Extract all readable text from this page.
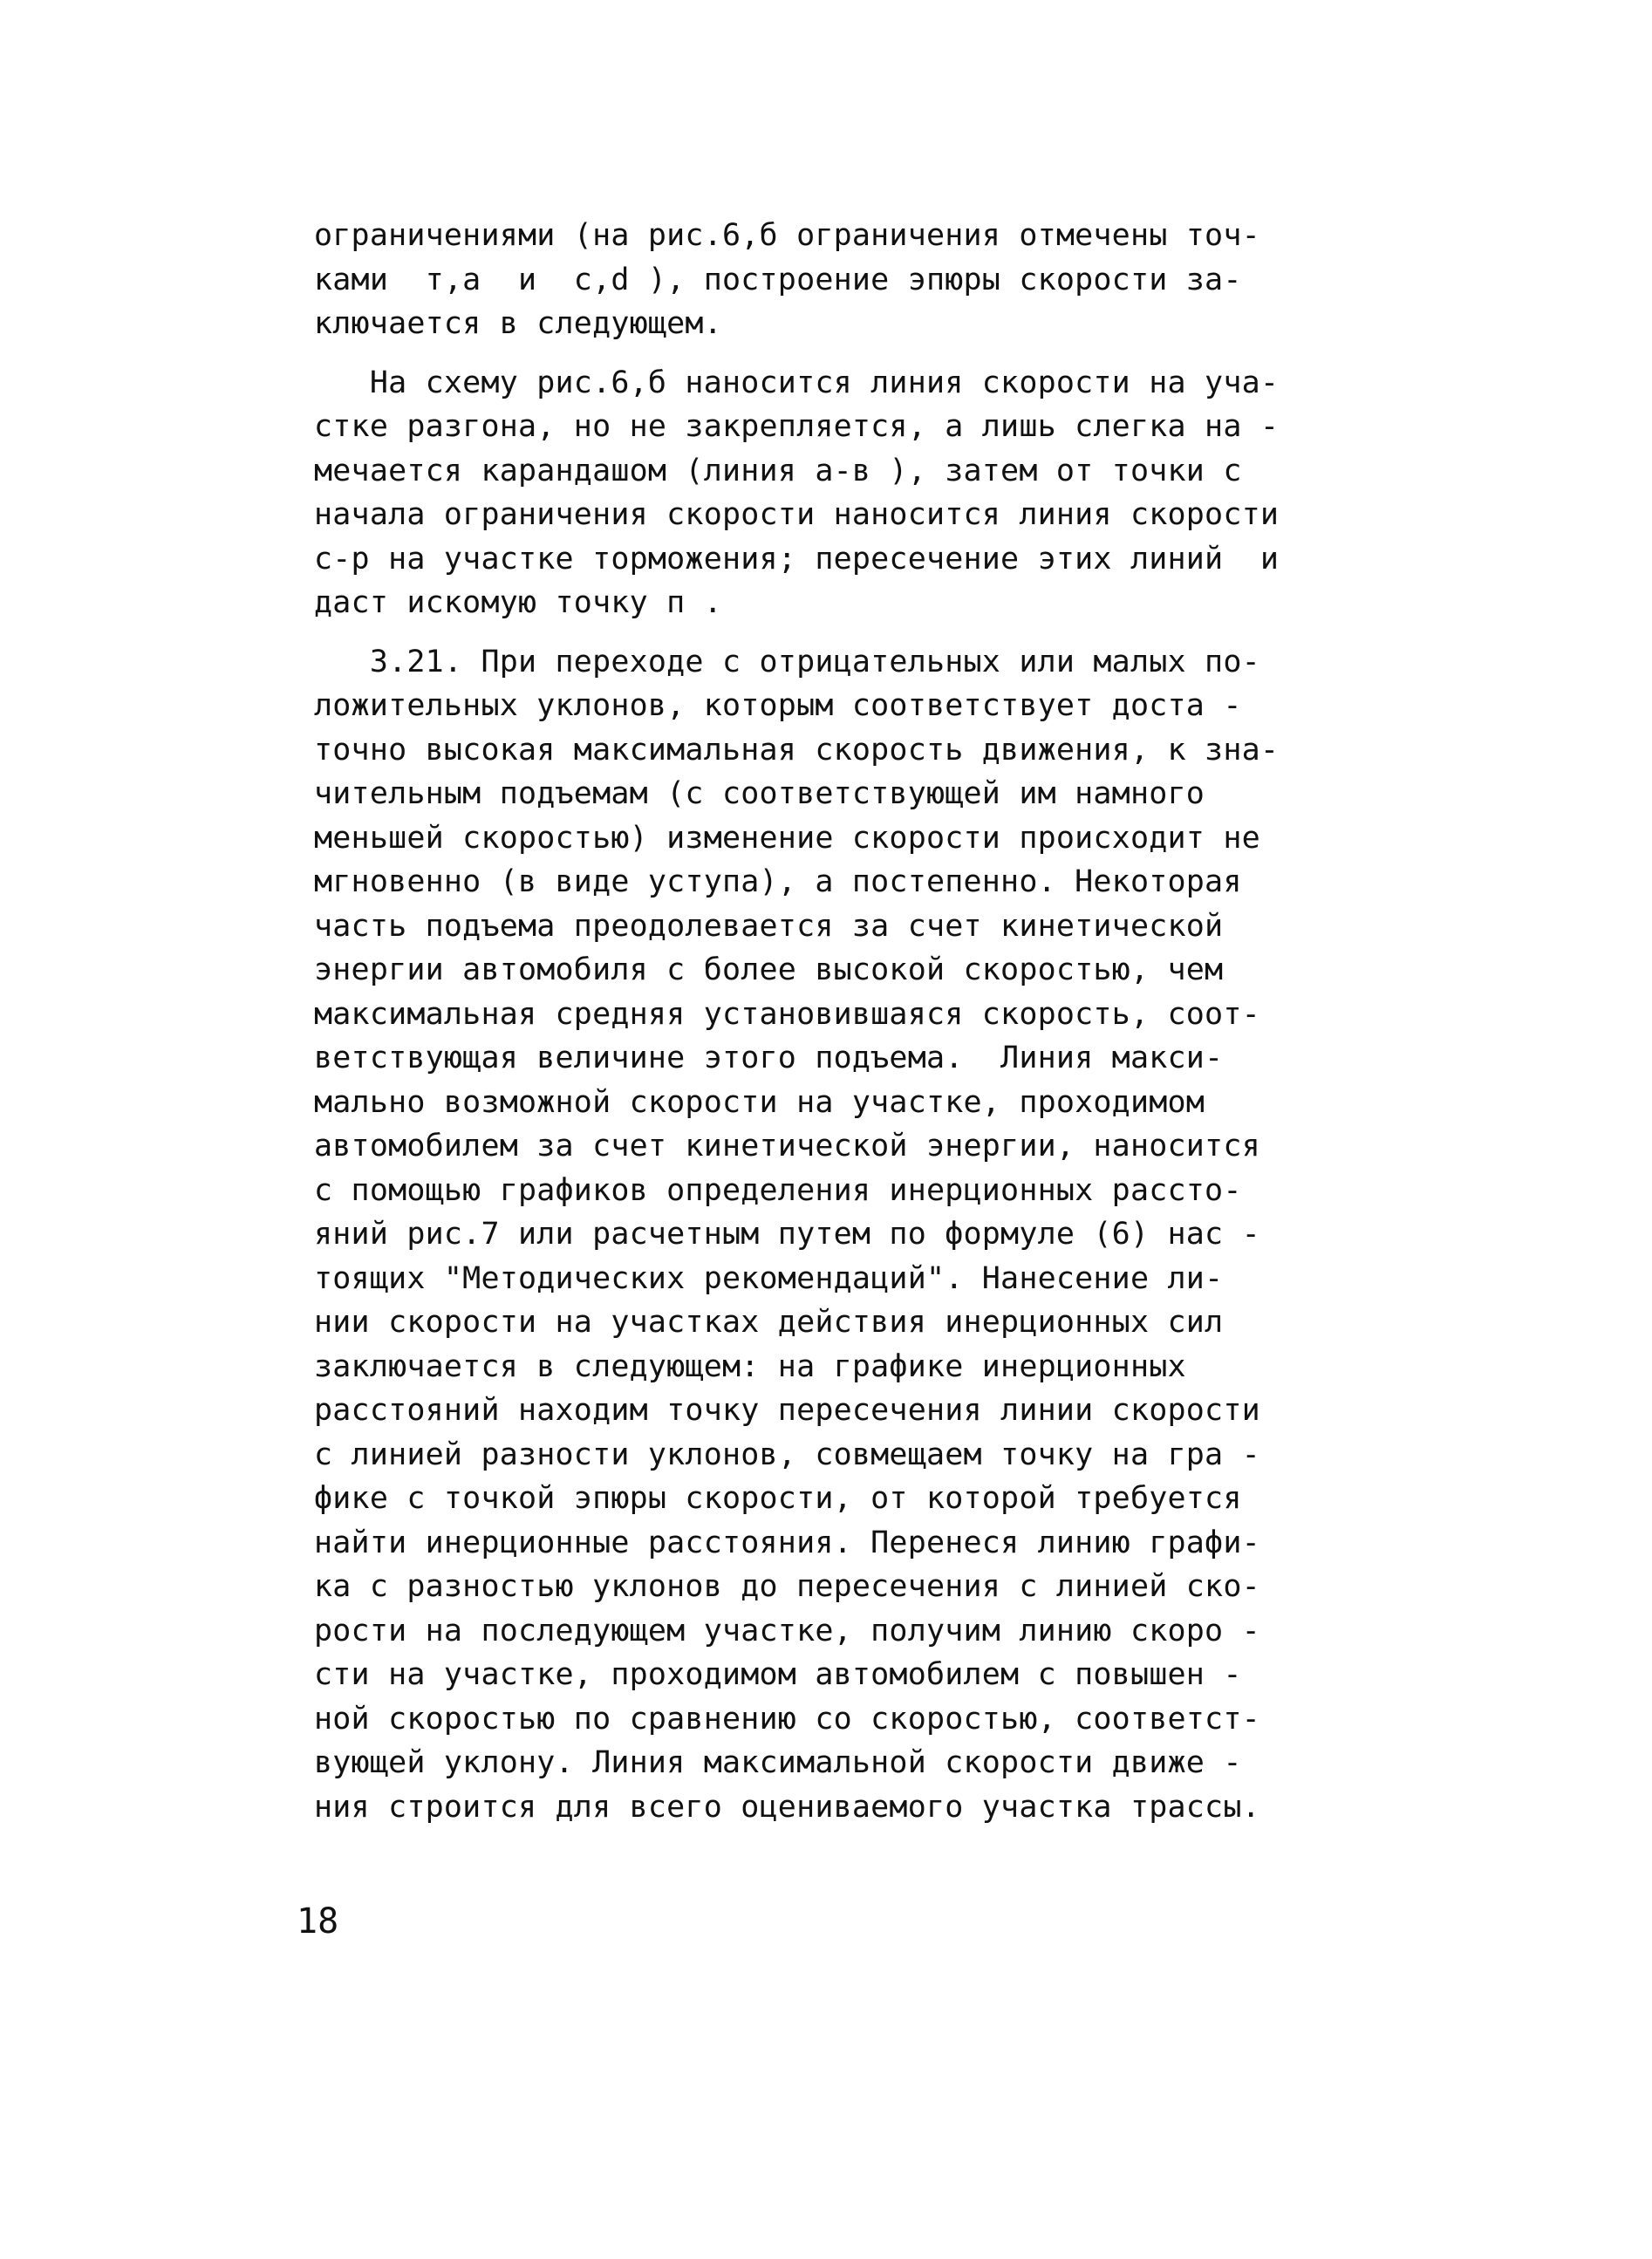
ограничениями (на рис.6,б ограничения отмечены точ-
ками  т,а  и  с,d ), построение эпюры скорости за-
ключается в следующем.
На схему рис.6,б наносится линия скорости на уча-
стке разгона, но не закрепляется, а лишь слегка на -
мечается карандашом (линия а-в ), затем от точки с
начала ограничения скорости наносится линия скорости
с-р на участке торможения; пересечение этих линий  и
даст искомую точку п .
3.21. При переходе с отрицательных или малых по-
ложительных уклонов, которым соответствует доста -
точно высокая максимальная скорость движения, к зна-
чительным подъемам (с соответствующей им намного
меньшей скоростью) изменение скорости происходит не
мгновенно (в виде уступа), а постепенно. Некоторая
часть подъема преодолевается за счет кинетической
энергии автомобиля с более высокой скоростью, чем
максимальная средняя установившаяся скорость, соот-
ветствующая величине этого подъема.  Линия макси-
мально возможной скорости на участке, проходимом
автомобилем за счет кинетической энергии, наносится
с помощью графиков определения инерционных рассто-
яний рис.7 или расчетным путем по формуле (6) нас -
тоящих "Методических рекомендаций". Нанесение ли-
нии скорости на участках действия инерционных сил
заключается в следующем: на графике инерционных
расстояний находим точку пересечения линии скорости
с линией разности уклонов, совмещаем точку на гра -
фике с точкой эпюры скорости, от которой требуется
найти инерционные расстояния. Перенеся линию графи-
ка с разностью уклонов до пересечения с линией ско-
рости на последующем участке, получим линию скоро -
сти на участке, проходимом автомобилем с повышен -
ной скоростью по сравнению со скоростью, соответст-
вующей уклону. Линия максимальной скорости движе -
ния строится для всего оцениваемого участка трассы.
18
